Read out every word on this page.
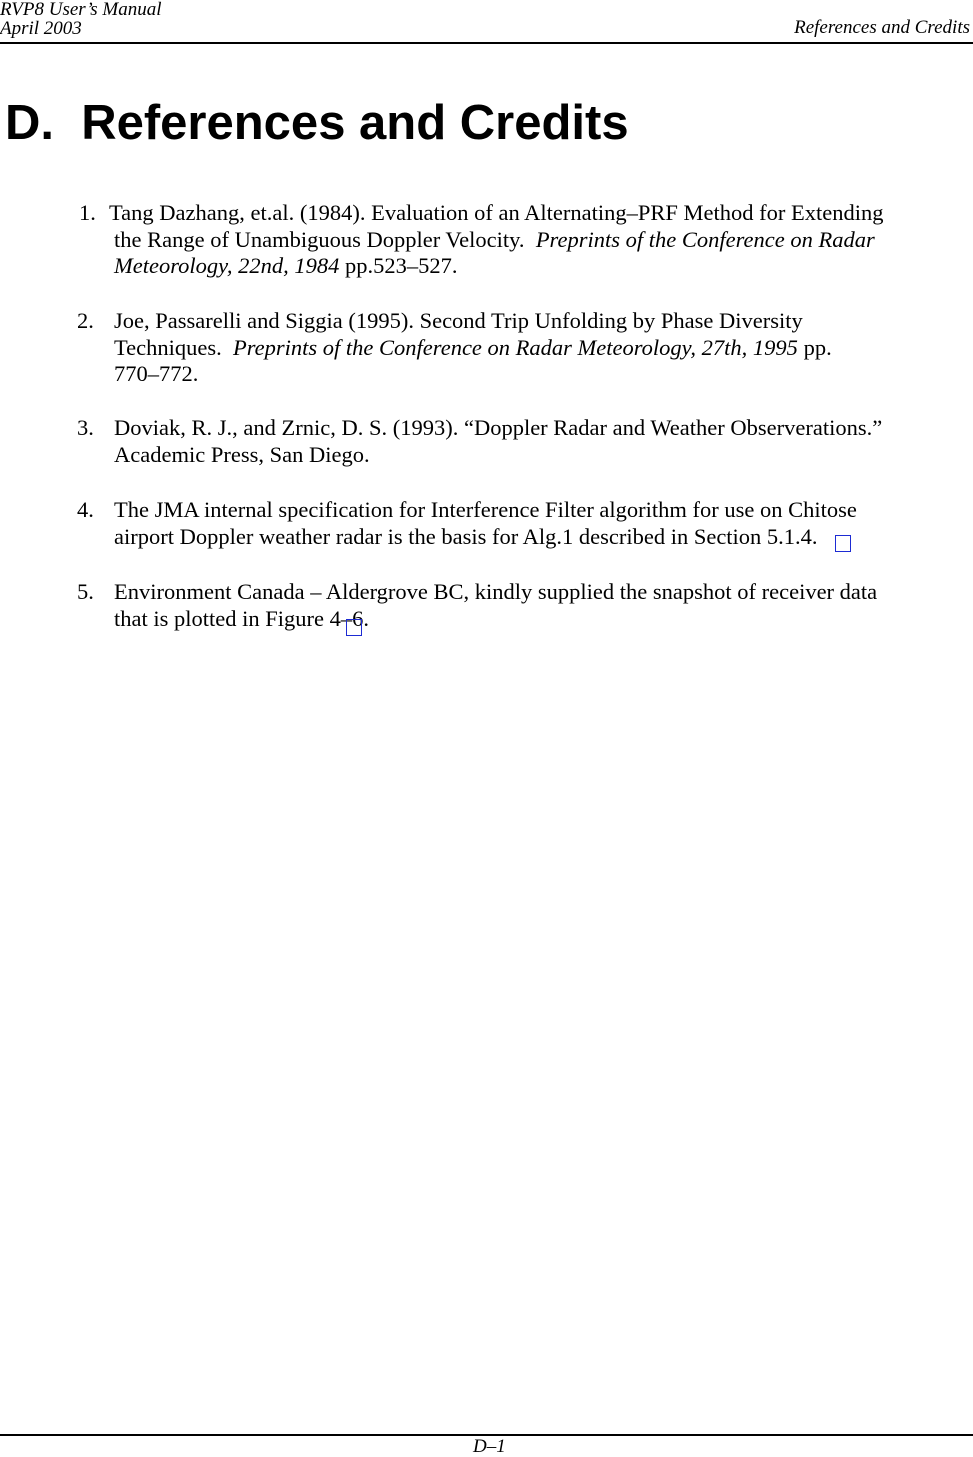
RVP8 User’s Manual
April 2003	References and Credits
D.  References and Credits
1. Tang Dazhang, et.al. (1984). Evaluation of an Alternating–PRF Method for Extending
the Range of Unambiguous Doppler Velocity.  Preprints of the Conference on Radar
Meteorology, 22nd, 1984 pp.523–527.
2. Joe, Passarelli and Siggia (1995). Second Trip Unfolding by Phase Diversity
Techniques.  Preprints of the Conference on Radar Meteorology, 27th, 1995 pp.
770–772.
3. Doviak, R. J., and Zrnic, D. S. (1993). “Doppler Radar and Weather Observerations.”
Academic Press, San Diego.
4. The JMA internal specification for Interference Filter algorithm for use on Chitose
airport Doppler weather radar is the basis for Alg.1 described in Section 5.1.4.
5. Environment Canada – Aldergrove BC, kindly supplied the snapshot of receiver data
that is plotted in Figure 4–6.
D–1
